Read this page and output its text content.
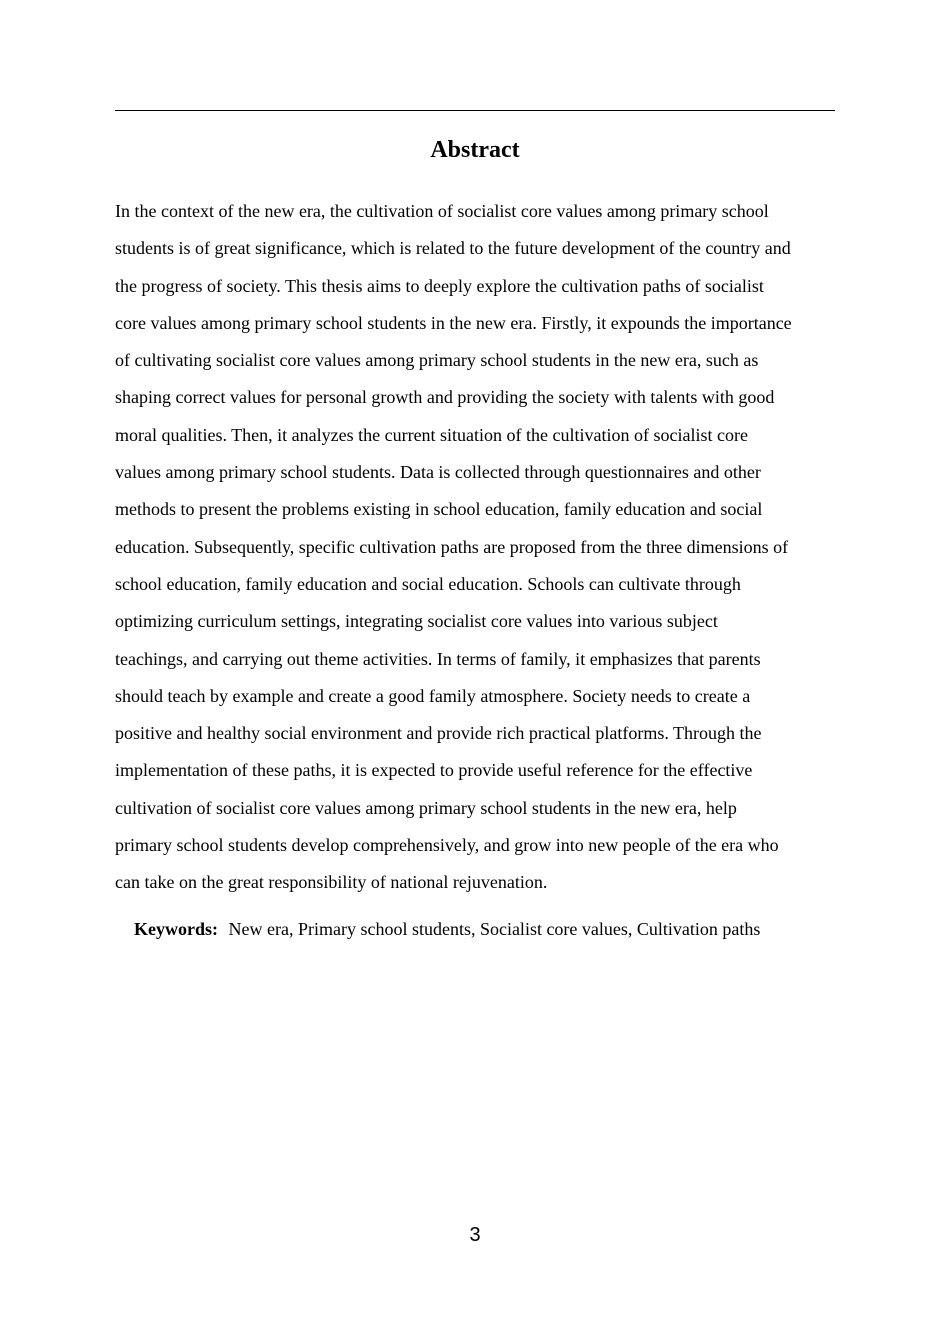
Abstract

In the context of the new era, the cultivation of socialist core values among primary school
students is of great significance, which is related to the future development of the country and
the progress of society. This thesis aims to deeply explore the cultivation paths of socialist
core values among primary school students in the new era. Firstly, it expounds the importance
of cultivating socialist core values among primary school students in the new era, such as
shaping correct values for personal growth and providing the society with talents with good
moral qualities. Then, it analyzes the current situation of the cultivation of socialist core
values among primary school students. Data is collected through questionnaires and other
methods to present the problems existing in school education, family education and social
education. Subsequently, specific cultivation paths are proposed from the three dimensions of
school education, family education and social education. Schools can cultivate through
optimizing curriculum settings, integrating socialist core values into various subject
teachings, and carrying out theme activities. In terms of family, it emphasizes that parents
should teach by example and create a good family atmosphere. Society needs to create a
positive and healthy social environment and provide rich practical platforms. Through the
implementation of these paths, it is expected to provide useful reference for the effective
cultivation of socialist core values among primary school students in the new era, help
primary school students develop comprehensively, and grow into new people of the era who
can take on the great responsibility of national rejuvenation.

Keywords: New era, Primary school students, Socialist core values, Cultivation paths

3
